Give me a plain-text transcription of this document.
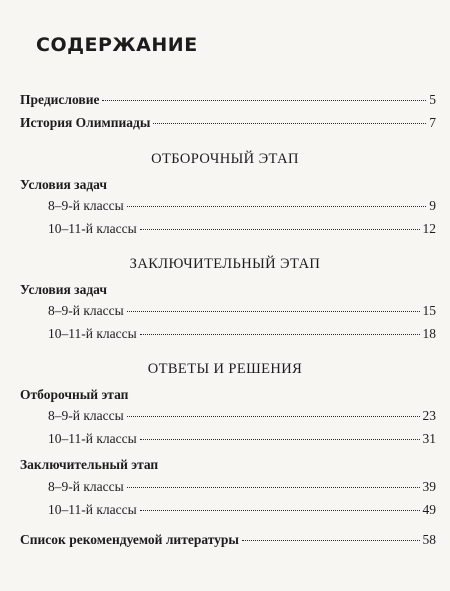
СОДЕРЖАНИЕ
Предисловие	5
История Олимпиады	7
ОТБОРОЧНЫЙ ЭТАП
Условия задач
8–9-й классы	9
10–11-й классы	12
ЗАКЛЮЧИТЕЛЬНЫЙ ЭТАП
Условия задач
8–9-й классы	15
10–11-й классы	18
ОТВЕТЫ И РЕШЕНИЯ
Отборочный этап
8–9-й классы	23
10–11-й классы	31
Заключительный этап
8–9-й классы	39
10–11-й классы	49
Список рекомендуемой литературы	58
